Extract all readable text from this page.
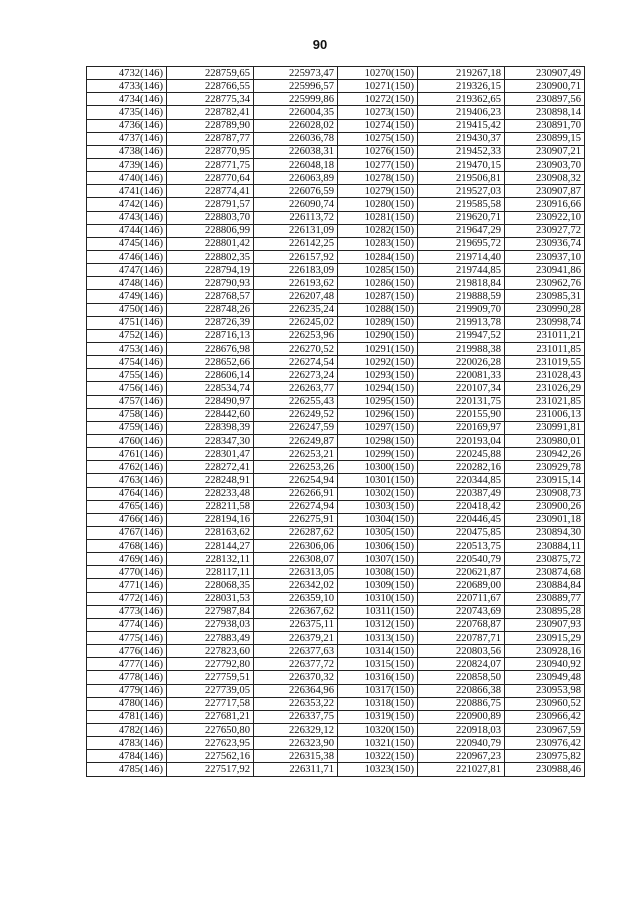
90
4732(146)	228759,65	225973,47	10270(150)	219267,18	230907,49
4733(146)	228766,55	225996,57	10271(150)	219326,15	230900,71
4734(146)	228775,34	225999,86	10272(150)	219362,65	230897,56
4735(146)	228782,41	226004,35	10273(150)	219406,23	230898,14
4736(146)	228789,90	226028,02	10274(150)	219415,42	230891,70
4737(146)	228787,77	226036,78	10275(150)	219430,37	230899,15
4738(146)	228770,95	226038,31	10276(150)	219452,33	230907,21
4739(146)	228771,75	226048,18	10277(150)	219470,15	230903,70
4740(146)	228770,64	226063,89	10278(150)	219506,81	230908,32
4741(146)	228774,41	226076,59	10279(150)	219527,03	230907,87
4742(146)	228791,57	226090,74	10280(150)	219585,58	230916,66
4743(146)	228803,70	226113,72	10281(150)	219620,71	230922,10
4744(146)	228806,99	226131,09	10282(150)	219647,29	230927,72
4745(146)	228801,42	226142,25	10283(150)	219695,72	230936,74
4746(146)	228802,35	226157,92	10284(150)	219714,40	230937,10
4747(146)	228794,19	226183,09	10285(150)	219744,85	230941,86
4748(146)	228790,93	226193,62	10286(150)	219818,84	230962,76
4749(146)	228768,57	226207,48	10287(150)	219888,59	230985,31
4750(146)	228748,26	226235,24	10288(150)	219909,70	230990,28
4751(146)	228726,39	226245,02	10289(150)	219913,78	230998,74
4752(146)	228716,13	226253,96	10290(150)	219947,52	231011,21
4753(146)	228676,98	226270,52	10291(150)	219988,38	231011,85
4754(146)	228652,66	226274,54	10292(150)	220026,28	231019,55
4755(146)	228606,14	226273,24	10293(150)	220081,33	231028,43
4756(146)	228534,74	226263,77	10294(150)	220107,34	231026,29
4757(146)	228490,97	226255,43	10295(150)	220131,75	231021,85
4758(146)	228442,60	226249,52	10296(150)	220155,90	231006,13
4759(146)	228398,39	226247,59	10297(150)	220169,97	230991,81
4760(146)	228347,30	226249,87	10298(150)	220193,04	230980,01
4761(146)	228301,47	226253,21	10299(150)	220245,88	230942,26
4762(146)	228272,41	226253,26	10300(150)	220282,16	230929,78
4763(146)	228248,91	226254,94	10301(150)	220344,85	230915,14
4764(146)	228233,48	226266,91	10302(150)	220387,49	230908,73
4765(146)	228211,58	226274,94	10303(150)	220418,42	230900,26
4766(146)	228194,16	226275,91	10304(150)	220446,45	230901,18
4767(146)	228163,62	226287,62	10305(150)	220475,85	230894,30
4768(146)	228144,27	226306,06	10306(150)	220513,75	230884,11
4769(146)	228132,11	226308,07	10307(150)	220540,79	230875,72
4770(146)	228117,11	226313,05	10308(150)	220621,87	230874,68
4771(146)	228068,35	226342,02	10309(150)	220689,00	230884,84
4772(146)	228031,53	226359,10	10310(150)	220711,67	230889,77
4773(146)	227987,84	226367,62	10311(150)	220743,69	230895,28
4774(146)	227938,03	226375,11	10312(150)	220768,87	230907,93
4775(146)	227883,49	226379,21	10313(150)	220787,71	230915,29
4776(146)	227823,60	226377,63	10314(150)	220803,56	230928,16
4777(146)	227792,80	226377,72	10315(150)	220824,07	230940,92
4778(146)	227759,51	226370,32	10316(150)	220858,50	230949,48
4779(146)	227739,05	226364,96	10317(150)	220866,38	230953,98
4780(146)	227717,58	226353,22	10318(150)	220886,75	230960,52
4781(146)	227681,21	226337,75	10319(150)	220900,89	230966,42
4782(146)	227650,80	226329,12	10320(150)	220918,03	230967,59
4783(146)	227623,95	226323,90	10321(150)	220940,79	230976,42
4784(146)	227562,16	226315,38	10322(150)	220967,23	230975,82
4785(146)	227517,92	226311,71	10323(150)	221027,81	230988,46
